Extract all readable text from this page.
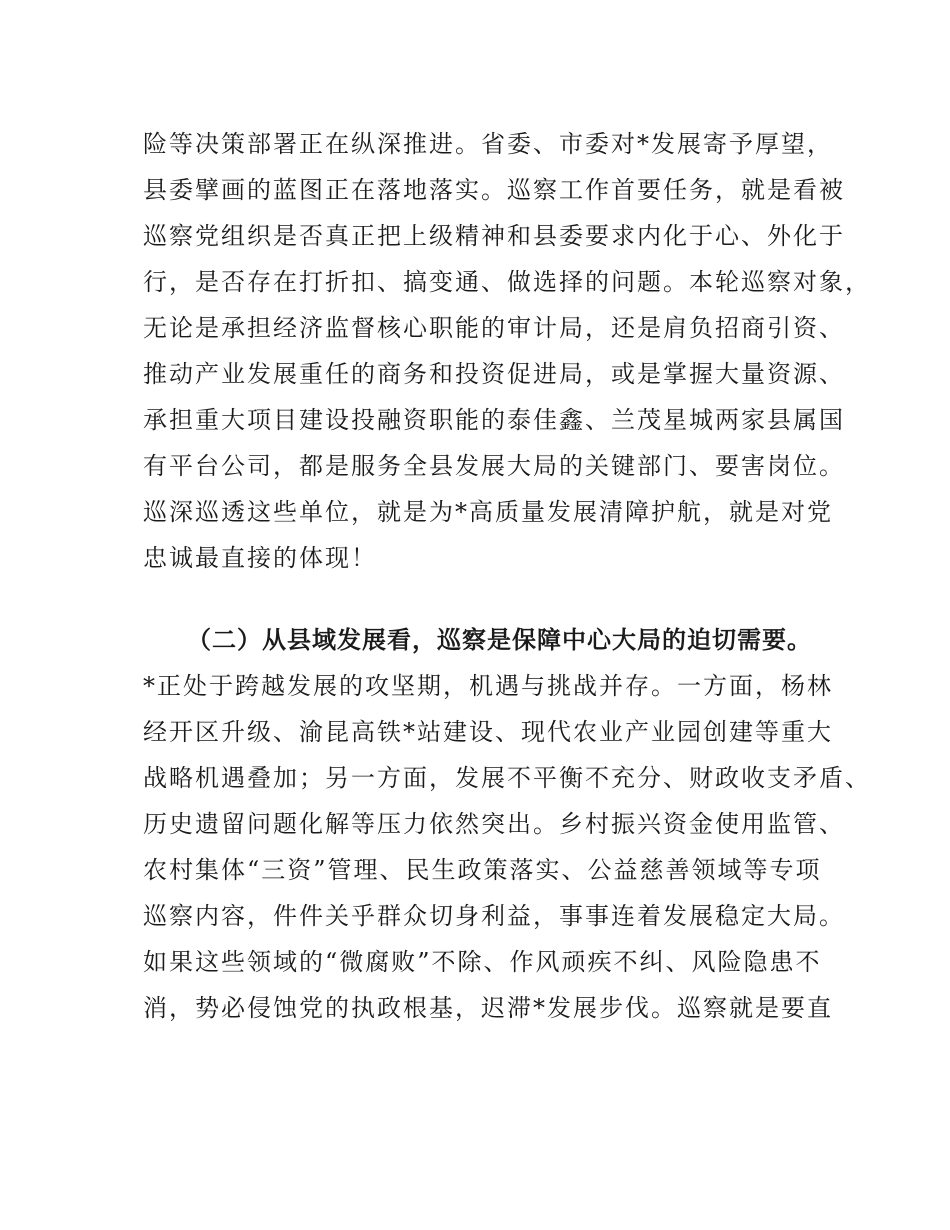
险等决策部署正在纵深推进。省委、市委对*发展寄予厚望，
县委擘画的蓝图正在落地落实。巡察工作首要任务，就是看被
巡察党组织是否真正把上级精神和县委要求内化于心、外化于
行，是否存在打折扣、搞变通、做选择的问题。本轮巡察对象，
无论是承担经济监督核心职能的审计局，还是肩负招商引资、
推动产业发展重任的商务和投资促进局，或是掌握大量资源、
承担重大项目建设投融资职能的泰佳鑫、兰茂星城两家县属国
有平台公司，都是服务全县发展大局的关键部门、要害岗位。
巡深巡透这些单位，就是为*高质量发展清障护航，就是对党
忠诚最直接的体现！
（二）从县域发展看，巡察是保障中心大局的迫切需要。
*正处于跨越发展的攻坚期，机遇与挑战并存。一方面，杨林
经开区升级、渝昆高铁*站建设、现代农业产业园创建等重大
战略机遇叠加；另一方面，发展不平衡不充分、财政收支矛盾、
历史遗留问题化解等压力依然突出。乡村振兴资金使用监管、
农村集体“三资”管理、民生政策落实、公益慈善领域等专项
巡察内容，件件关乎群众切身利益，事事连着发展稳定大局。
如果这些领域的“微腐败”不除、作风顽疾不纠、风险隐患不
消，势必侵蚀党的执政根基，迟滞*发展步伐。巡察就是要直
